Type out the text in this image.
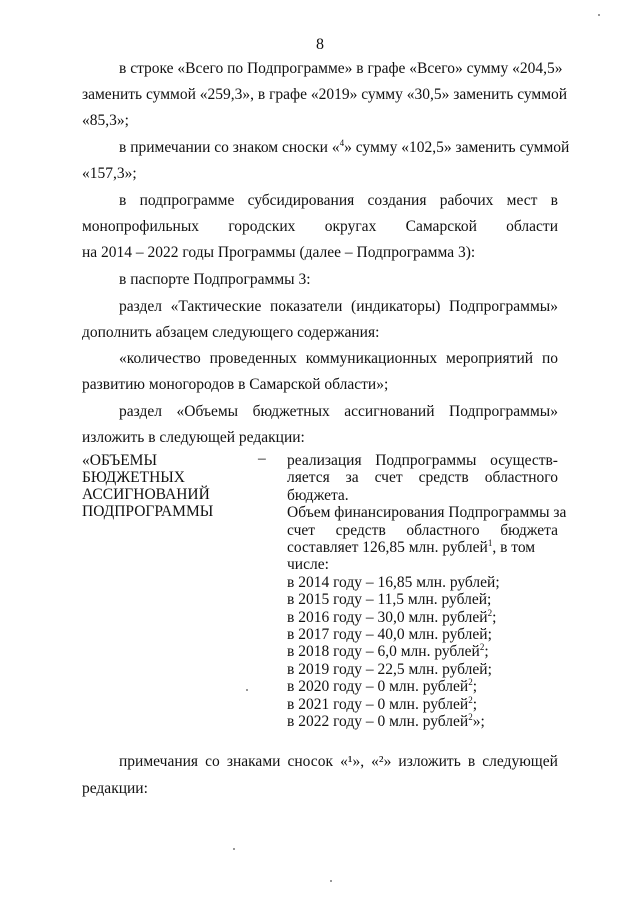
8
в строке «Всего по Подпрограмме» в графе «Всего» сумму «204,5»
заменить суммой «259,3», в графе «2019» сумму «30,5» заменить суммой
«85,3»;
в примечании со знаком сноски «$^4$» сумму «102,5» заменить суммой
«157,3»;
в подпрограмме субсидирования создания рабочих мест в
монопрофильных городских округах Самарской области
на 2014 – 2022 годы Программы (далее – Подпрограмма 3):
в паспорте Подпрограммы 3:
раздел «Тактические показатели (индикаторы) Подпрограммы»
дополнить абзацем следующего содержания:
«количество проведенных коммуникационных мероприятий по
развитию моногородов в Самарской области»;
раздел «Объемы бюджетных ассигнований Подпрограммы»
изложить в следующей редакции:
«ОБЪЕМЫ
БЮДЖЕТНЫХ
АССИГНОВАНИЙ
ПОДПРОГРАММЫ
– реализация Подпрограммы осуществ-
ляется за счет средств областного
бюджета.
Объем финансирования Подпрограммы за
счет средств областного бюджета
составляет 126,85 млн. рублей$^1$, в том
числе:
в 2014 году – 16,85 млн. рублей;
в 2015 году – 11,5 млн. рублей;
в 2016 году – 30,0 млн. рублей$^2$;
в 2017 году – 40,0 млн. рублей;
в 2018 году – 6,0 млн. рублей$^2$;
в 2019 году – 22,5 млн. рублей;
в 2020 году – 0 млн. рублей$^2$;
в 2021 году – 0 млн. рублей$^2$;
в 2022 году – 0 млн. рублей$^2$»;
примечания со знаками сносок «¹», «²» изложить в следующей
редакции:
